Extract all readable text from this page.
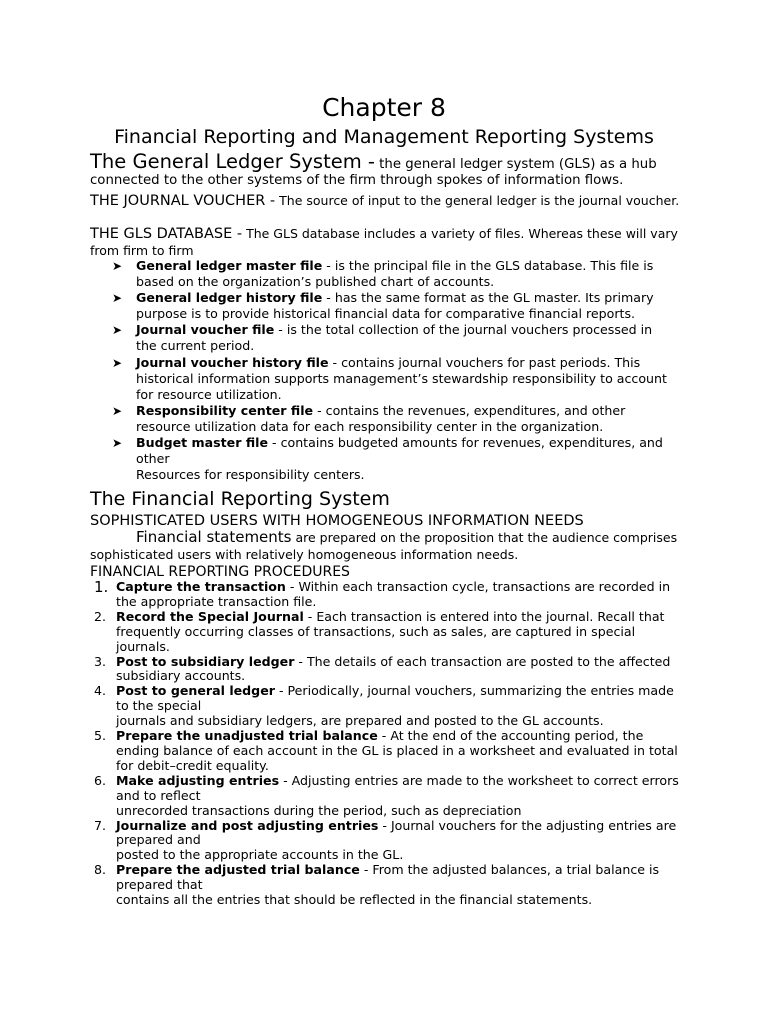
Chapter 8
Financial Reporting and Management Reporting Systems
The General Ledger System - the general ledger system (GLS) as a hub connected to the other systems of the firm through spokes of information flows.
THE JOURNAL VOUCHER - The source of input to the general ledger is the journal voucher.
THE GLS DATABASE - The GLS database includes a variety of files. Whereas these will vary from firm to firm
➤ General ledger master file - is the principal file in the GLS database. This file is based on the organization’s published chart of accounts.
➤ General ledger history file - has the same format as the GL master. Its primary purpose is to provide historical financial data for comparative financial reports.
➤ Journal voucher file - is the total collection of the journal vouchers processed in the current period.
➤ Journal voucher history file - contains journal vouchers for past periods. This historical information supports management’s stewardship responsibility to account for resource utilization.
➤ Responsibility center file - contains the revenues, expenditures, and other resource utilization data for each responsibility center in the organization.
➤ Budget master file - contains budgeted amounts for revenues, expenditures, and other
Resources for responsibility centers.
The Financial Reporting System
SOPHISTICATED USERS WITH HOMOGENEOUS INFORMATION NEEDS
Financial statements are prepared on the proposition that the audience comprises sophisticated users with relatively homogeneous information needs.
FINANCIAL REPORTING PROCEDURES
1. Capture the transaction - Within each transaction cycle, transactions are recorded in the appropriate transaction file.
2. Record the Special Journal - Each transaction is entered into the journal. Recall that frequently occurring classes of transactions, such as sales, are captured in special journals.
3. Post to subsidiary ledger - The details of each transaction are posted to the affected subsidiary accounts.
4. Post to general ledger - Periodically, journal vouchers, summarizing the entries made to the special
journals and subsidiary ledgers, are prepared and posted to the GL accounts.
5. Prepare the unadjusted trial balance - At the end of the accounting period, the ending balance of each account in the GL is placed in a worksheet and evaluated in total for debit–credit equality.
6. Make adjusting entries - Adjusting entries are made to the worksheet to correct errors and to reflect
unrecorded transactions during the period, such as depreciation
7. Journalize and post adjusting entries - Journal vouchers for the adjusting entries are prepared and
posted to the appropriate accounts in the GL.
8. Prepare the adjusted trial balance - From the adjusted balances, a trial balance is prepared that
contains all the entries that should be reflected in the financial statements.
